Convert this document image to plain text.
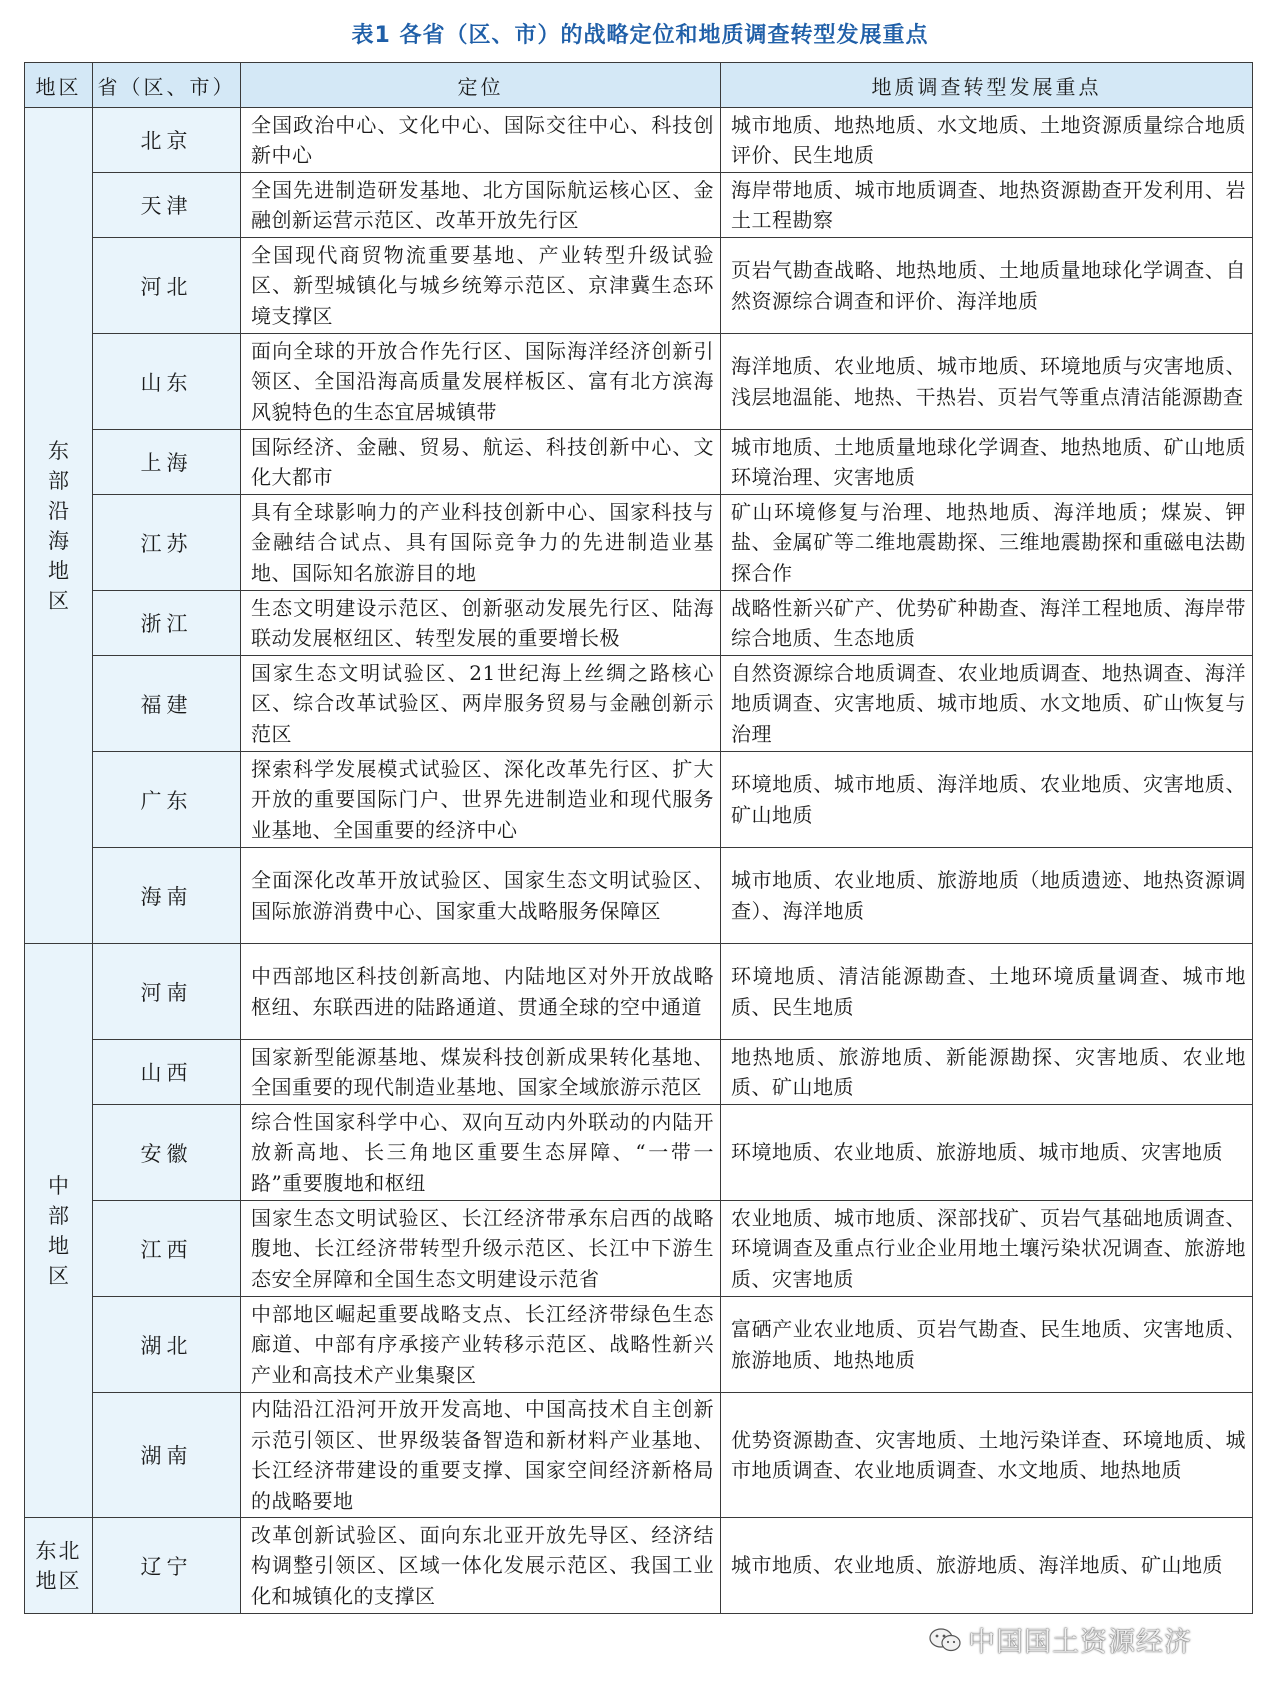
表1 各省（区、市）的战略定位和地质调查转型发展重点
地区	省（区、市）	定位	地质调查转型发展重点
东部沿海地区	北京	全国政治中心、文化中心、国际交往中心、科技创新中心	城市地质、地热地质、水文地质、土地资源质量综合地质评价、民生地质
	天津	全国先进制造研发基地、北方国际航运核心区、金融创新运营示范区、改革开放先行区	海岸带地质、城市地质调查、地热资源勘查开发利用、岩土工程勘察
	河北	全国现代商贸物流重要基地、产业转型升级试验区、新型城镇化与城乡统筹示范区、京津冀生态环境支撑区	页岩气勘查战略、地热地质、土地质量地球化学调查、自然资源综合调查和评价、海洋地质
	山东	面向全球的开放合作先行区、国际海洋经济创新引领区、全国沿海高质量发展样板区、富有北方滨海风貌特色的生态宜居城镇带	海洋地质、农业地质、城市地质、环境地质与灾害地质、浅层地温能、地热、干热岩、页岩气等重点清洁能源勘查
	上海	国际经济、金融、贸易、航运、科技创新中心、文化大都市	城市地质、土地质量地球化学调查、地热地质、矿山地质环境治理、灾害地质
	江苏	具有全球影响力的产业科技创新中心、国家科技与金融结合试点、具有国际竞争力的先进制造业基地、国际知名旅游目的地	矿山环境修复与治理、地热地质、海洋地质；煤炭、钾盐、金属矿等二维地震勘探、三维地震勘探和重磁电法勘探合作
	浙江	生态文明建设示范区、创新驱动发展先行区、陆海联动发展枢纽区、转型发展的重要增长极	战略性新兴矿产、优势矿种勘查、海洋工程地质、海岸带综合地质、生态地质
	福建	国家生态文明试验区、21世纪海上丝绸之路核心区、综合改革试验区、两岸服务贸易与金融创新示范区	自然资源综合地质调查、农业地质调查、地热调查、海洋地质调查、灾害地质、城市地质、水文地质、矿山恢复与治理
	广东	探索科学发展模式试验区、深化改革先行区、扩大开放的重要国际门户、世界先进制造业和现代服务业基地、全国重要的经济中心	环境地质、城市地质、海洋地质、农业地质、灾害地质、矿山地质
	海南	全面深化改革开放试验区、国家生态文明试验区、国际旅游消费中心、国家重大战略服务保障区	城市地质、农业地质、旅游地质（地质遗迹、地热资源调查）、海洋地质
中部地区	河南	中西部地区科技创新高地、内陆地区对外开放战略枢纽、东联西进的陆路通道、贯通全球的空中通道	环境地质、清洁能源勘查、土地环境质量调查、城市地质、民生地质
	山西	国家新型能源基地、煤炭科技创新成果转化基地、全国重要的现代制造业基地、国家全域旅游示范区	地热地质、旅游地质、新能源勘探、灾害地质、农业地质、矿山地质
	安徽	综合性国家科学中心、双向互动内外联动的内陆开放新高地、长三角地区重要生态屏障、“一带一路”重要腹地和枢纽	环境地质、农业地质、旅游地质、城市地质、灾害地质
	江西	国家生态文明试验区、长江经济带承东启西的战略腹地、长江经济带转型升级示范区、长江中下游生态安全屏障和全国生态文明建设示范省	农业地质、城市地质、深部找矿、页岩气基础地质调查、环境调查及重点行业企业用地土壤污染状况调查、旅游地质、灾害地质
	湖北	中部地区崛起重要战略支点、长江经济带绿色生态廊道、中部有序承接产业转移示范区、战略性新兴产业和高技术产业集聚区	富硒产业农业地质、页岩气勘查、民生地质、灾害地质、旅游地质、地热地质
	湖南	内陆沿江沿河开放开发高地、中国高技术自主创新示范引领区、世界级装备智造和新材料产业基地、长江经济带建设的重要支撑、国家空间经济新格局的战略要地	优势资源勘查、灾害地质、土地污染详查、环境地质、城市地质调查、农业地质调查、水文地质、地热地质
东北地区	辽宁	改革创新试验区、面向东北亚开放先导区、经济结构调整引领区、区域一体化发展示范区、我国工业化和城镇化的支撑区	城市地质、农业地质、旅游地质、海洋地质、矿山地质
中国国土资源经济
